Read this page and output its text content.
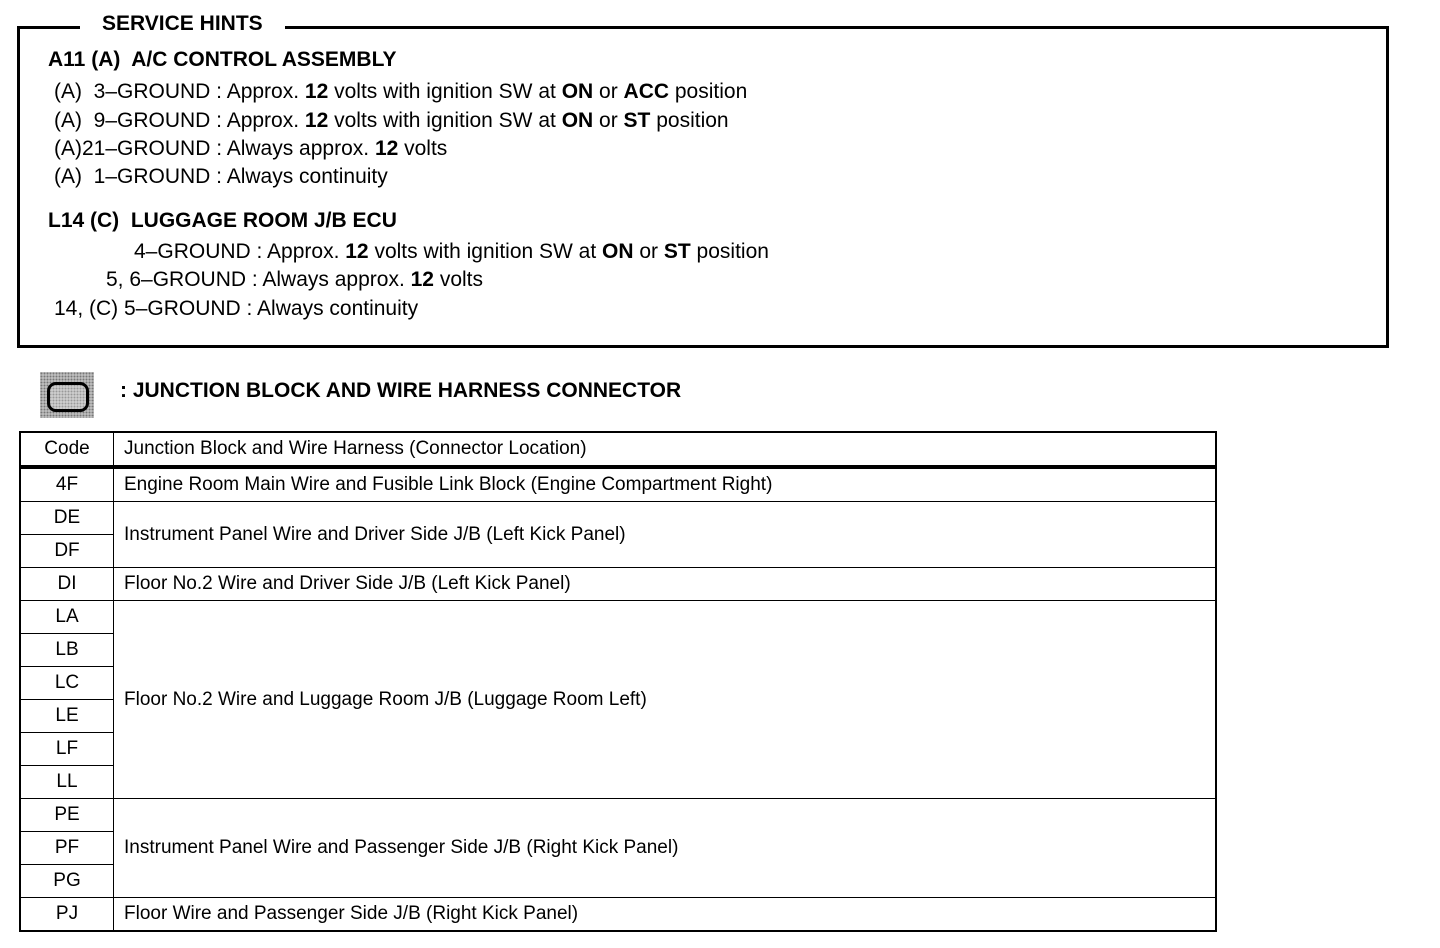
SERVICE HINTS
A11 (A)  A/C CONTROL ASSEMBLY
(A)  3–GROUND : Approx. 12 volts with ignition SW at ON or ACC position
(A)  9–GROUND : Approx. 12 volts with ignition SW at ON or ST position
(A)21–GROUND : Always approx. 12 volts
(A)  1–GROUND : Always continuity
L14 (C)  LUGGAGE ROOM J/B ECU
4–GROUND : Approx. 12 volts with ignition SW at ON or ST position
5, 6–GROUND : Always approx. 12 volts
14, (C) 5–GROUND : Always continuity
: JUNCTION BLOCK AND WIRE HARNESS CONNECTOR
Code	Junction Block and Wire Harness (Connector Location)
4F	Engine Room Main Wire and Fusible Link Block (Engine Compartment Right)
DE	Instrument Panel Wire and Driver Side J/B (Left Kick Panel)
DF	
DI	Floor No.2 Wire and Driver Side J/B (Left Kick Panel)
LA	Floor No.2 Wire and Luggage Room J/B (Luggage Room Left)
LB	
LC	
LE	
LF	
LL	
PE	Instrument Panel Wire and Passenger Side J/B (Right Kick Panel)
PF	
PG	
PJ	Floor Wire and Passenger Side J/B (Right Kick Panel)
